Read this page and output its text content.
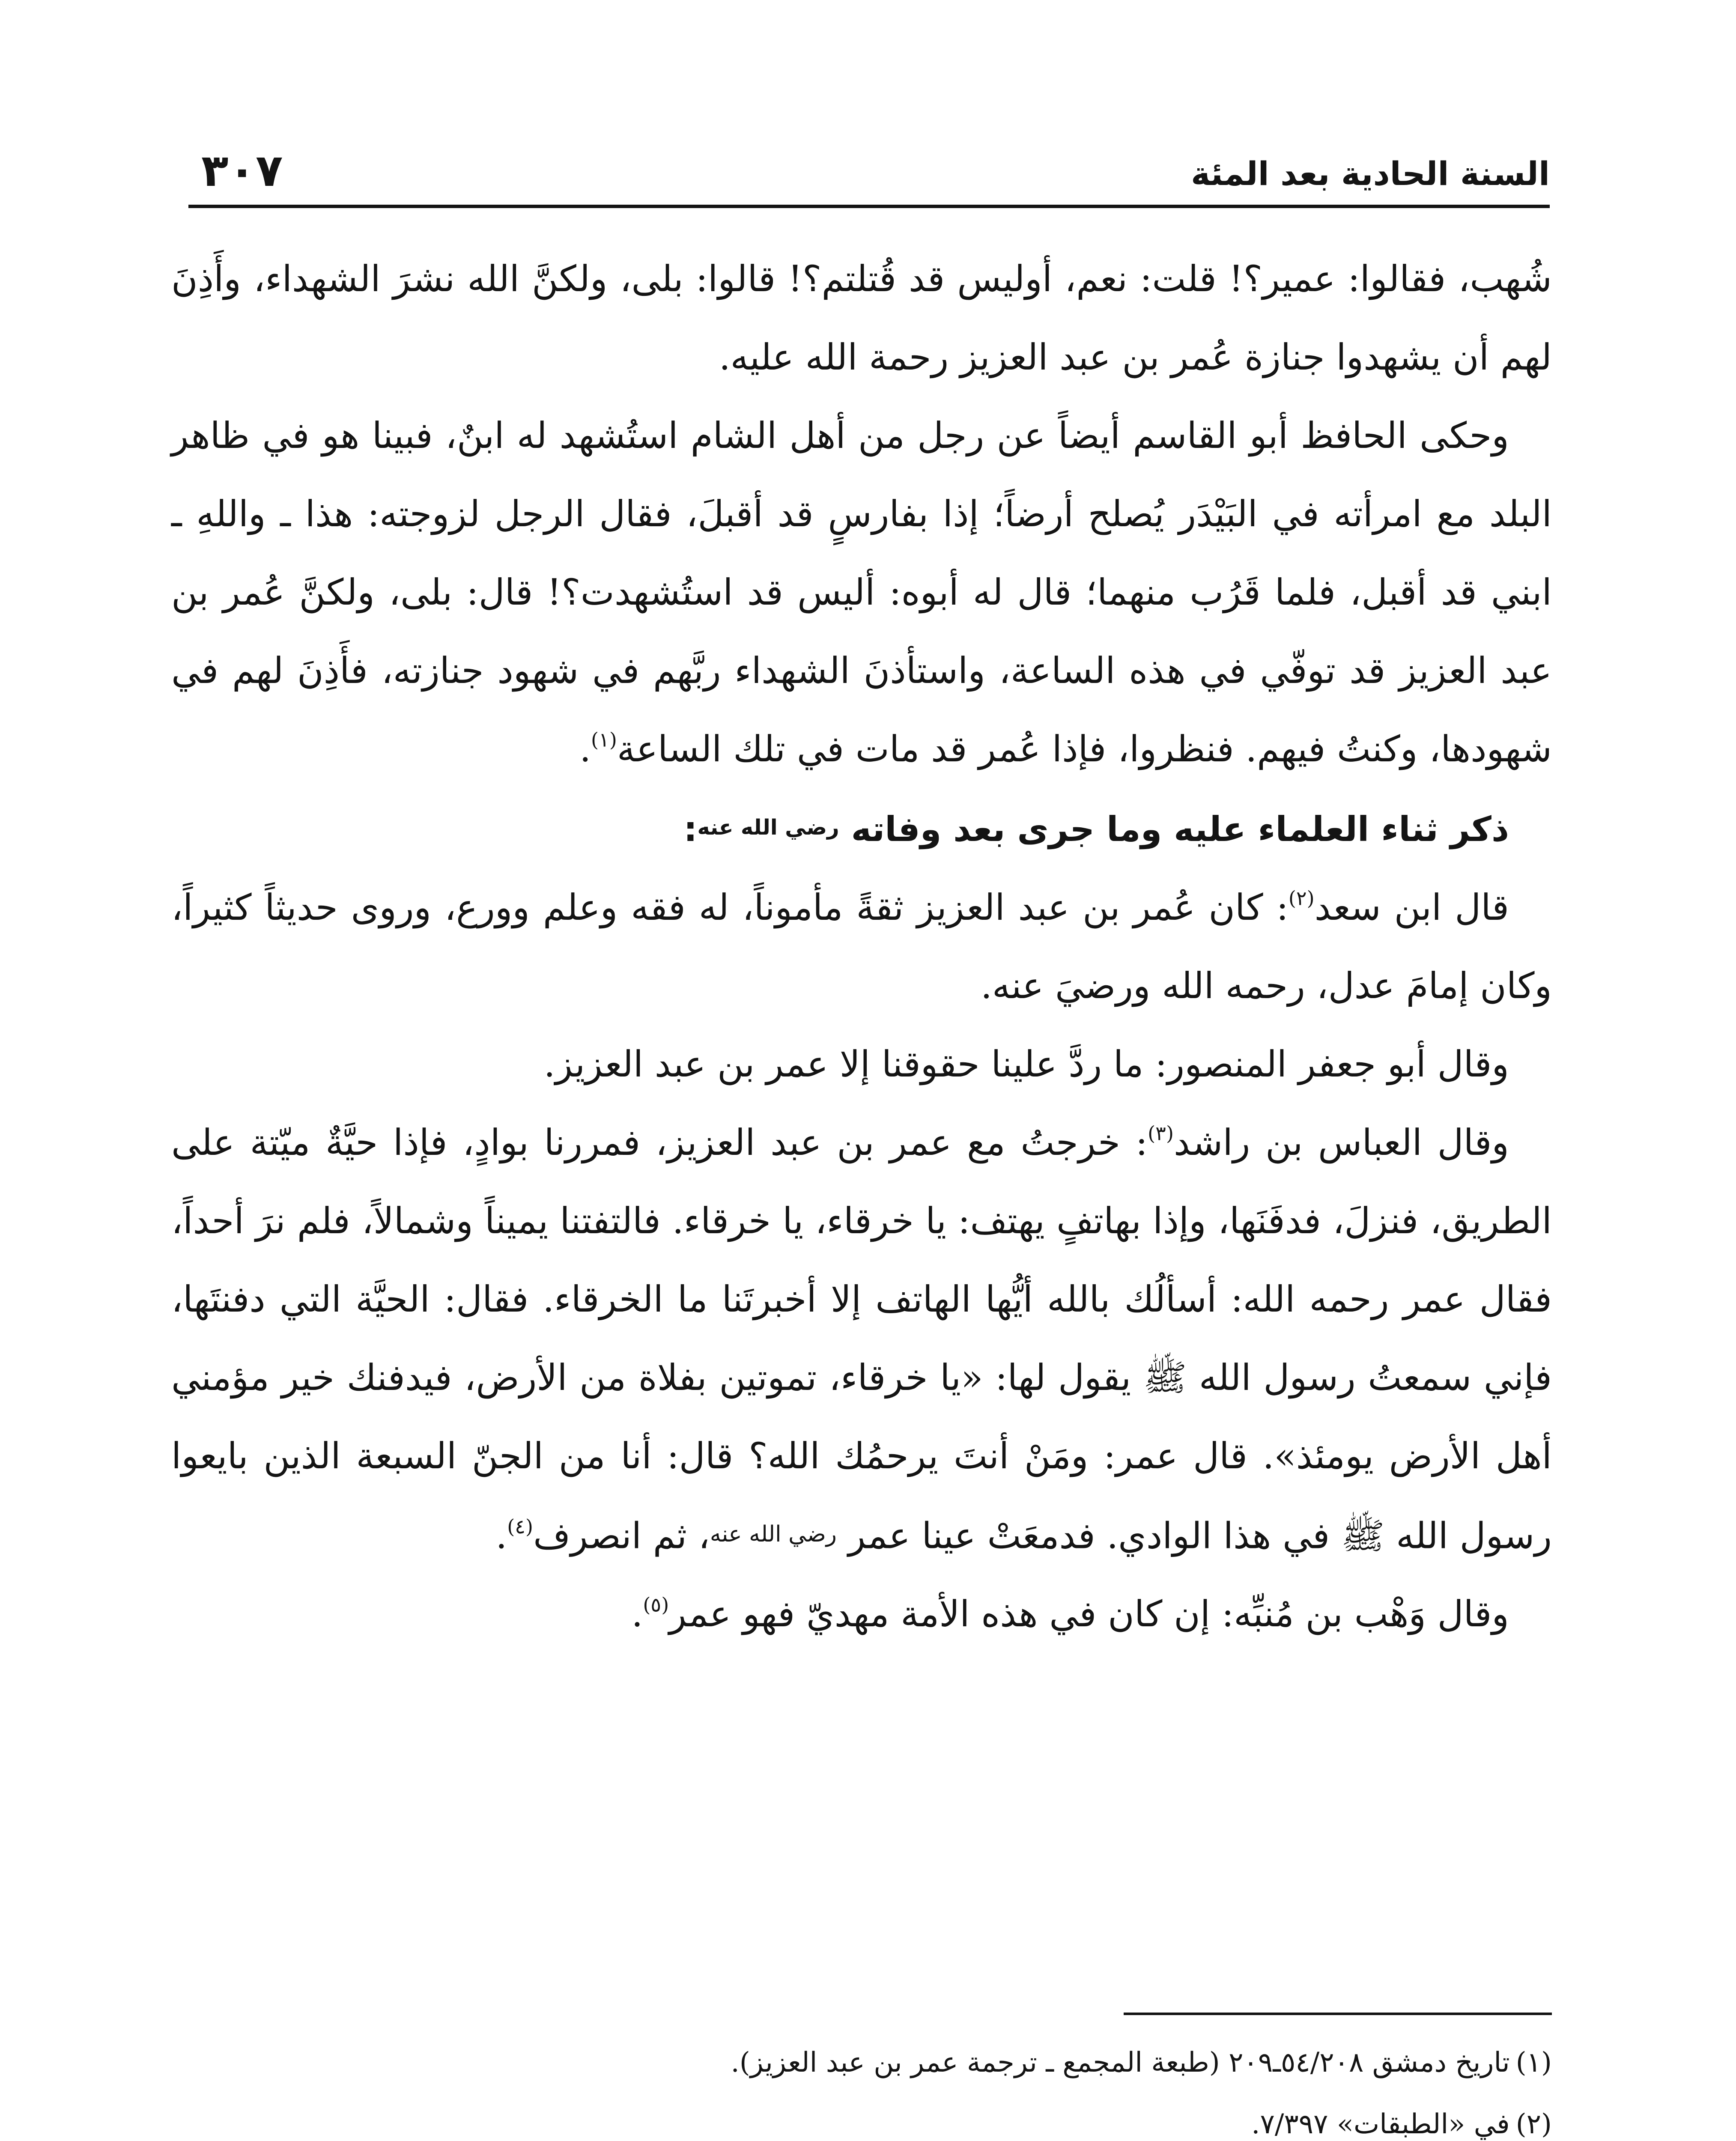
السنة الحادية بعد المئة
٣٠٧

شُهب، فقالوا: عمير؟! قلت: نعم، أوليس قد قُتلتم؟! قالوا: بلى، ولكنَّ الله نشرَ الشهداء، وأَذِنَ لهم أن يشهدوا جنازة عُمر بن عبد العزيز رحمة الله عليه.

وحكى الحافظ أبو القاسم أيضاً عن رجل من أهل الشام استُشهد له ابنٌ، فبينا هو في ظاهر البلد مع امرأته في البَيْدَر يُصلح أرضاً؛ إذا بفارسٍ قد أقبلَ، فقال الرجل لزوجته: هذا ـ واللهِ ـ ابني قد أقبل، فلما قَرُب منهما؛ قال له أبوه: أليس قد استُشهدت؟! قال: بلى، ولكنَّ عُمر بن عبد العزيز قد توفّي في هذه الساعة، واستأذنَ الشهداء ربَّهم في شهود جنازته، فأَذِنَ لهم في شهودها، وكنتُ فيهم. فنظروا، فإذا عُمر قد مات في تلك الساعة$^{(١)}$.

ذكر ثناء العلماء عليه وما جرى بعد وفاته رضي الله عنه:

قال ابن سعد$^{(٢)}$: كان عُمر بن عبد العزيز ثقةً مأموناً، له فقه وعلم وورع، وروى حديثاً كثيراً، وكان إمامَ عدل، رحمه الله ورضيَ عنه.

وقال أبو جعفر المنصور: ما ردَّ علينا حقوقنا إلا عمر بن عبد العزيز.

وقال العباس بن راشد$^{(٣)}$: خرجتُ مع عمر بن عبد العزيز، فمررنا بوادٍ، فإذا حيَّةٌ ميّتة على الطريق، فنزلَ، فدفَنَها، وإذا بهاتفٍ يهتف: يا خرقاء، يا خرقاء. فالتفتنا يميناً وشمالاً، فلم نرَ أحداً، فقال عمر رحمه الله: أسألُك بالله أيُّها الهاتف إلا أخبرتَنا ما الخرقاء. فقال: الحيَّة التي دفنتَها، فإني سمعتُ رسول الله ﷺ يقول لها: «يا خرقاء، تموتين بفلاة من الأرض، فيدفنك خير مؤمني أهل الأرض يومئذ». قال عمر: ومَنْ أنتَ يرحمُك الله؟ قال: أنا من الجنّ السبعة الذين بايعوا رسول الله ﷺ في هذا الوادي. فدمعَتْ عينا عمر رضي الله عنه، ثم انصرف$^{(٤)}$.

وقال وَهْب بن مُنبِّه: إن كان في هذه الأمة مهديّ فهو عمر$^{(٥)}$.

(١)تاريخ دمشق ٥٤/٢٠٨ـ٢٠٩ (طبعة المجمع ـ ترجمة عمر بن عبد العزيز).

(٢)في «الطبقات» ٧/٣٩٧.
